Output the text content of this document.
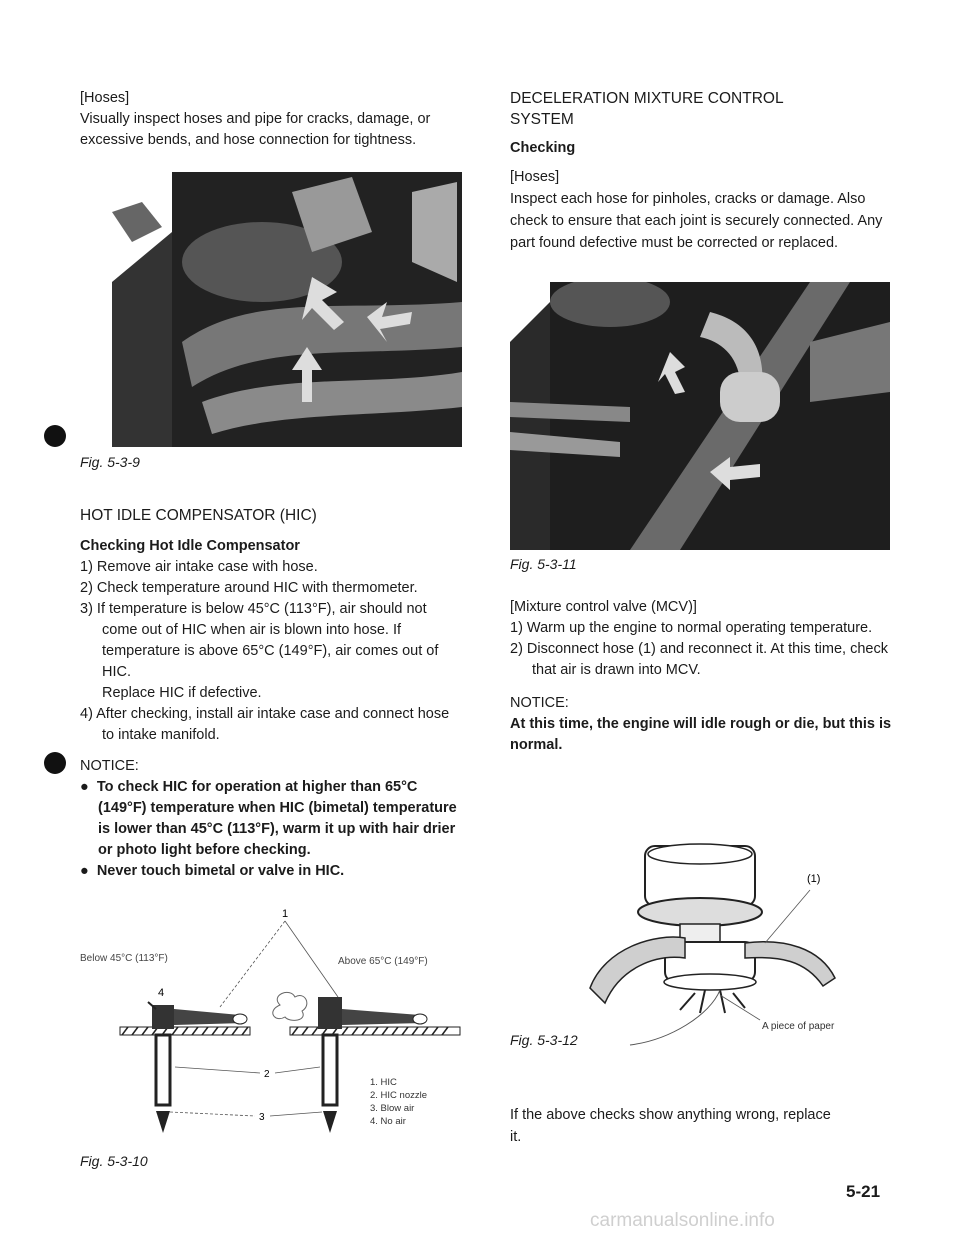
[Hoses]
Visually inspect hoses and pipe for cracks, damage, or excessive bends, and hose connection for tightness.
Fig. 5-3-9
HOT IDLE COMPENSATOR (HIC)
Checking Hot Idle Compensator
1) Remove air intake case with hose.
2) Check temperature around HIC with thermometer.
3) If temperature is below 45°C (113°F), air should not come out of HIC when air is blown into hose. If temperature is above 65°C (149°F), air comes out of HIC.
Replace HIC if defective.
4) After checking, install air intake case and connect hose to intake manifold.
NOTICE:
●  To check HIC for operation at higher than 65°C (149°F) temperature when HIC (bimetal) temperature is lower than 45°C (113°F), warm it up with hair drier or photo light before checking.
●  Never touch bimetal or valve in HIC.
1
Below 45°C (113°F)	Above 65°C (149°F)
4
2
3
1. HIC
2. HIC nozzle
3. Blow air
4. No air
Fig. 5-3-10
DECELERATION MIXTURE CONTROL
SYSTEM
Checking
[Hoses]
Inspect each hose for pinholes, cracks or damage. Also check to ensure that each joint is securely connected. Any part found defective must be corrected or replaced.
Fig. 5-3-11
[Mixture control valve (MCV)]
1) Warm up the engine to normal operating temperature.
2) Disconnect hose (1) and reconnect it. At this time, check that air is drawn into MCV.
NOTICE:
At this time, the engine will idle rough or die, but this is normal.
(1)
Fig. 5-3-12
A piece of paper
If the above checks show anything wrong, replace it.
5-21
carmanualsonline.info
